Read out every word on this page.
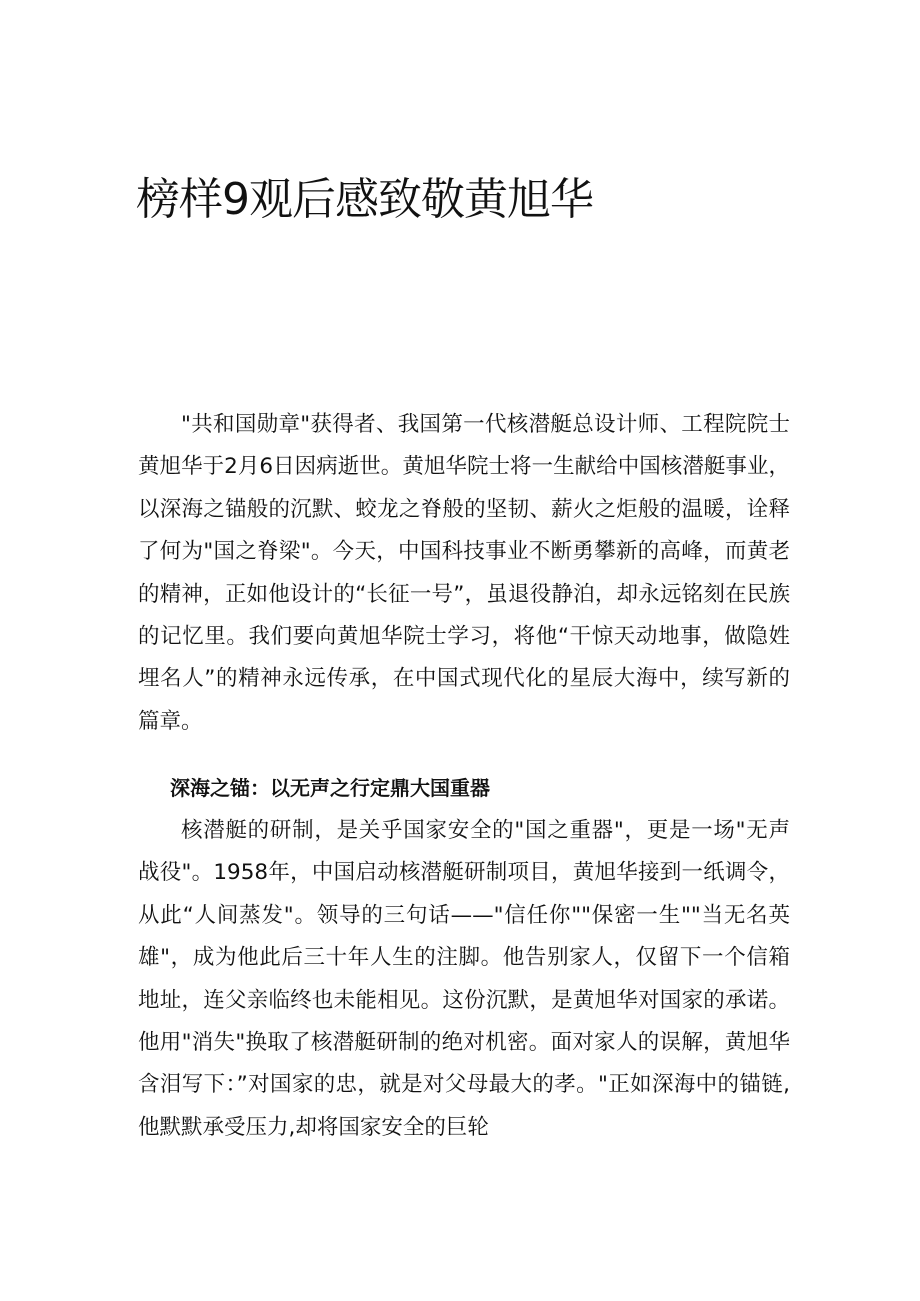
榜样9观后感致敬黄旭华

"共和国勋章"获得者、我国第一代核潜艇总设计师、工程院院士黄旭华于2月6日因病逝世。黄旭华院士将一生献给中国核潜艇事业，以深海之锚般的沉默、蛟龙之脊般的坚韧、薪火之炬般的温暖，诠释了何为"国之脊梁"。今天，中国科技事业不断勇攀新的高峰，而黄老的精神，正如他设计的“长征一号”，虽退役静泊，却永远铭刻在民族的记忆里。我们要向黄旭华院士学习，将他“干惊天动地事，做隐姓埋名人”的精神永远传承，在中国式现代化的星辰大海中，续写新的篇章。

深海之锚：以无声之行定鼎大国重器

核潜艇的研制，是关乎国家安全的"国之重器"，更是一场"无声战役"。1958年，中国启动核潜艇研制项目，黄旭华接到一纸调令，从此“人间蒸发"。领导的三句话——"信任你""保密一生""当无名英雄"，成为他此后三十年人生的注脚。他告别家人，仅留下一个信箱地址，连父亲临终也未能相见。这份沉默，是黄旭华对国家的承诺。他用"消失"换取了核潜艇研制的绝对机密。面对家人的误解，黄旭华含泪写下：”对国家的忠，就是对父母最大的孝。"正如深海中的锚链,他默默承受压力,却将国家安全的巨轮
